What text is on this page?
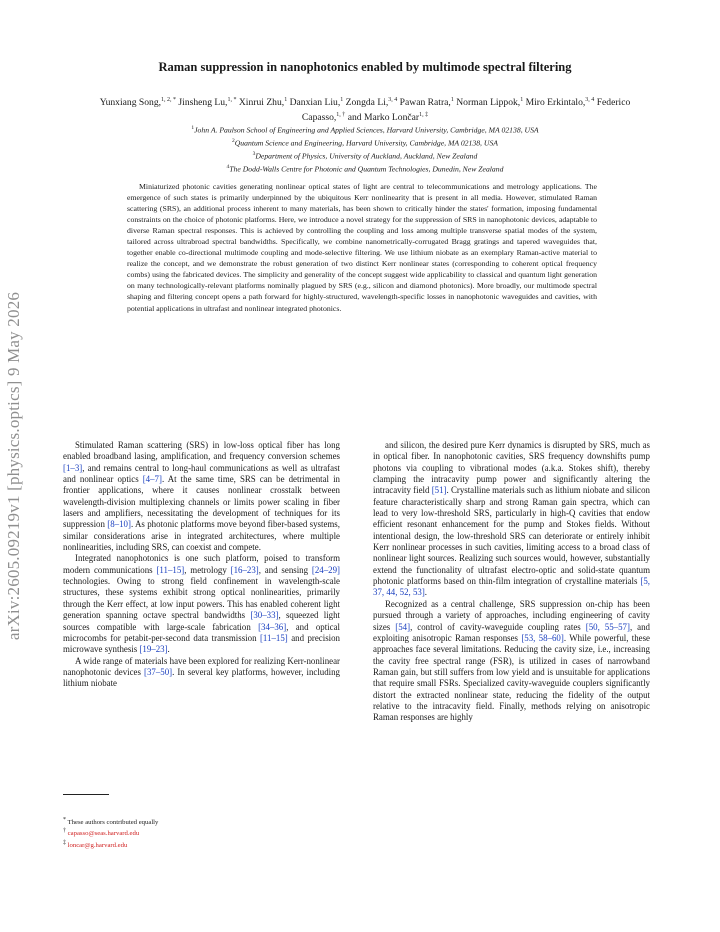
arXiv:2605.09219v1 [physics.optics] 9 May 2026
Raman suppression in nanophotonics enabled by multimode spectral filtering
Yunxiang Song,$^{1, 2, *}$ Jinsheng Lu,$^{1, *}$ Xinrui Zhu,$^1$ Danxian Liu,$^1$ Zongda Li,$^{3, 4}$ Pawan Ratra,$^1$ Norman Lippok,$^1$ Miro Erkintalo,$^{3, 4}$ Federico Capasso,$^{1, \dagger}$ and Marko Lončar$^{1, \ddagger}$
$^1$John A. Paulson School of Engineering and Applied Sciences, Harvard University, Cambridge, MA 02138, USA
$^2$Quantum Science and Engineering, Harvard University, Cambridge, MA 02138, USA
$^3$Department of Physics, University of Auckland, Auckland, New Zealand
$^4$The Dodd-Walls Centre for Photonic and Quantum Technologies, Dunedin, New Zealand
Miniaturized photonic cavities generating nonlinear optical states of light are central to telecommunications and metrology applications. The emergence of such states is primarily underpinned by the ubiquitous Kerr nonlinearity that is present in all media. However, stimulated Raman scattering (SRS), an additional process inherent to many materials, has been shown to critically hinder the states' formation, imposing fundamental constraints on the choice of photonic platforms. Here, we introduce a novel strategy for the suppression of SRS in nanophotonic devices, adaptable to diverse Raman spectral responses. This is achieved by controlling the coupling and loss among multiple transverse spatial modes of the system, tailored across ultrabroad spectral bandwidths. Specifically, we combine nanometrically-corrugated Bragg gratings and tapered waveguides that, together enable co-directional multimode coupling and mode-selective filtering. We use lithium niobate as an exemplary Raman-active material to realize the concept, and we demonstrate the robust generation of two distinct Kerr nonlinear states (corresponding to coherent optical frequency combs) using the fabricated devices. The simplicity and generality of the concept suggest wide applicability to classical and quantum light generation on many technologically-relevant platforms nominally plagued by SRS (e.g., silicon and diamond photonics). More broadly, our multimode spectral shaping and filtering concept opens a path forward for highly-structured, wavelength-specific losses in nanophotonic waveguides and cavities, with potential applications in ultrafast and nonlinear integrated photonics.

Stimulated Raman scattering (SRS) in low-loss optical fiber has long enabled broadband lasing, amplification, and frequency conversion schemes [1–3], and remains central to long-haul communications as well as ultrafast and nonlinear optics [4–7]. At the same time, SRS can be detrimental in frontier applications, where it causes nonlinear crosstalk between wavelength-division multiplexing channels or limits power scaling in fiber lasers and amplifiers, necessitating the development of techniques for its suppression [8–10]. As photonic platforms move beyond fiber-based systems, similar considerations arise in integrated architectures, where multiple nonlinearities, including SRS, can coexist and compete.

Integrated nanophotonics is one such platform, poised to transform modern communications [11–15], metrology [16–23], and sensing [24–29] technologies. Owing to strong field confinement in wavelength-scale structures, these systems exhibit strong optical nonlinearities, primarily through the Kerr effect, at low input powers. This has enabled coherent light generation spanning octave spectral bandwidths [30–33], squeezed light sources compatible with large-scale fabrication [34–36], and optical microcombs for petabit-per-second data transmission [11–15] and precision microwave synthesis [19–23].

A wide range of materials have been explored for realizing Kerr-nonlinear nanophotonic devices [37–50]. In several key platforms, however, including lithium niobate

and silicon, the desired pure Kerr dynamics is disrupted by SRS, much as in optical fiber. In nanophotonic cavities, SRS frequency downshifts pump photons via coupling to vibrational modes (a.k.a. Stokes shift), thereby clamping the intracavity pump power and significantly altering the intracavity field [51]. Crystalline materials such as lithium niobate and silicon feature characteristically sharp and strong Raman gain spectra, which can lead to very low-threshold SRS, particularly in high-Q cavities that endow efficient resonant enhancement for the pump and Stokes fields. Without intentional design, the low-threshold SRS can deteriorate or entirely inhibit Kerr nonlinear processes in such cavities, limiting access to a broad class of nonlinear light sources. Realizing such sources would, however, substantially extend the functionality of ultrafast electro-optic and solid-state quantum photonic platforms based on thin-film integration of crystalline materials [5, 37, 44, 52, 53].

Recognized as a central challenge, SRS suppression on-chip has been pursued through a variety of approaches, including engineering of cavity sizes [54], control of cavity-waveguide coupling rates [50, 55–57], and exploiting anisotropic Raman responses [53, 58–60]. While powerful, these approaches face several limitations. Reducing the cavity size, i.e., increasing the cavity free spectral range (FSR), is utilized in cases of narrowband Raman gain, but still suffers from low yield and is unsuitable for applications that require small FSRs. Specialized cavity-waveguide couplers significantly distort the extracted nonlinear state, reducing the fidelity of the output relative to the intracavity field. Finally, methods relying on anisotropic Raman responses are highly

* These authors contributed equally
† capasso@seas.harvard.edu
‡ loncar@g.harvard.edu
